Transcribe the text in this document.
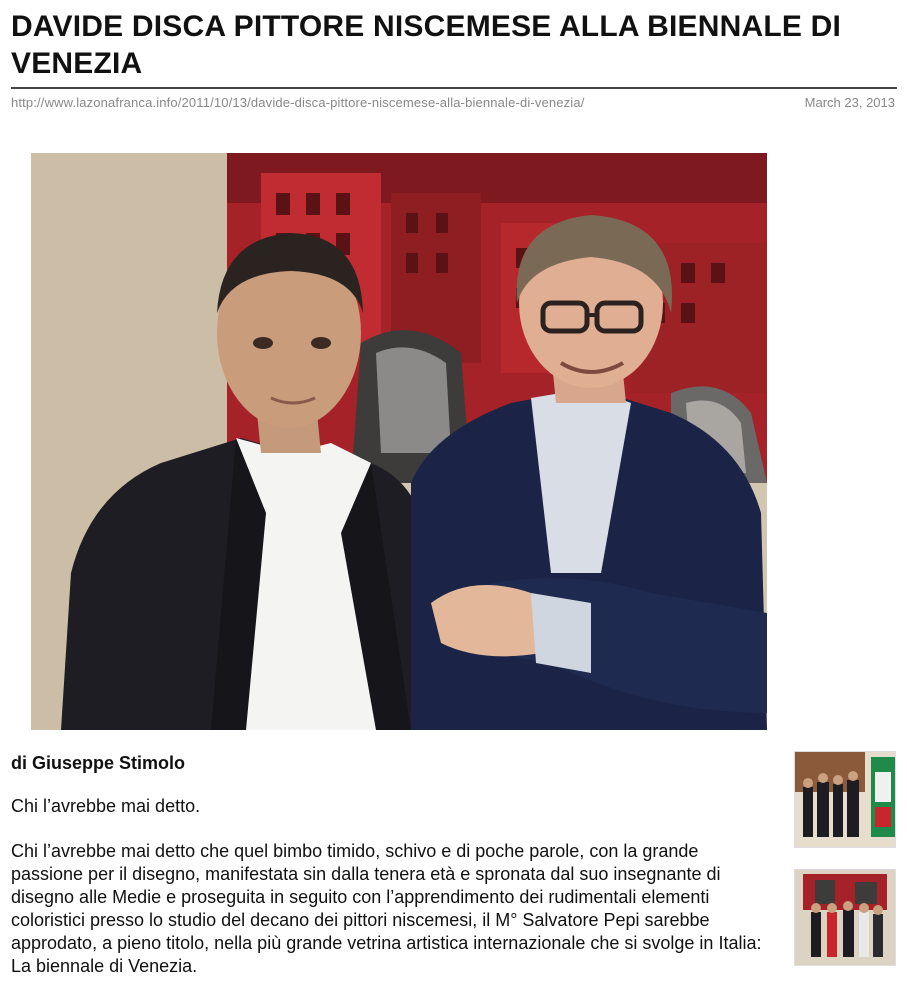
DAVIDE DISCA PITTORE NISCEMESE ALLA BIENNALE DI VENEZIA
http://www.lazonafranca.info/2011/10/13/davide-disca-pittore-niscemese-alla-biennale-di-venezia/	March 23, 2013

di Giuseppe Stimolo

Chi l’avrebbe mai detto.

Chi l’avrebbe mai detto che quel bimbo timido, schivo e di poche parole, con la grande passione per il disegno, manifestata sin dalla tenera età e spronata dal suo insegnante di disegno alle Medie e proseguita in seguito con l’apprendimento dei rudimentali elementi coloristici presso lo studio del decano dei pittori niscemesi, il M° Salvatore Pepi sarebbe approdato, a pieno titolo, nella più grande vetrina artistica internazionale che si svolge in Italia: La biennale di Venezia.
